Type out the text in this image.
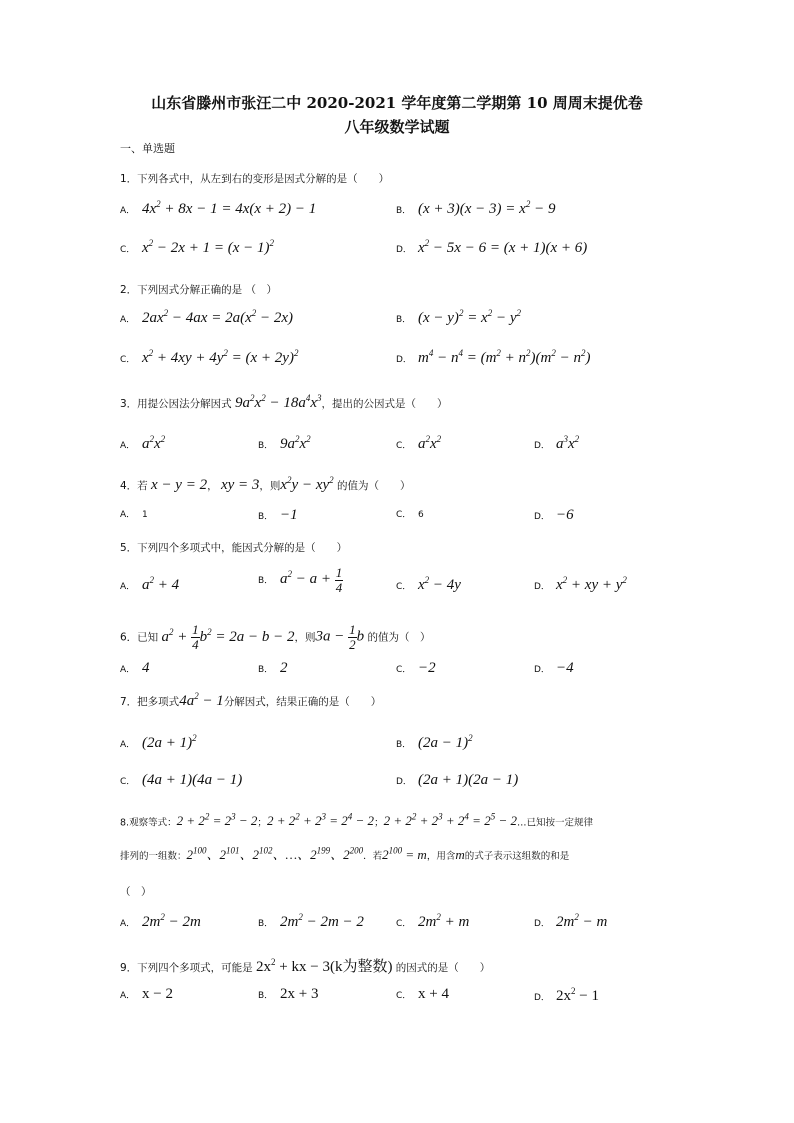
山东省滕州市张汪二中 2020-2021 学年度第二学期第 10 周周末提优卷
八年级数学试题
一、单选题
1．下列各式中，从左到右的变形是因式分解的是（　　）
A． $4x^2 + 8x - 1 = 4x(x + 2) - 1$	B． $(x + 3)(x - 3) = x^2 - 9$
C． $x^2 - 2x + 1 = (x - 1)^2$
D． $x^2 - 5x - 6 = (x + 1)(x + 6)$
2．下列因式分解正确的是 （　）
A． $2ax^2 - 4ax = 2a(x^2 - 2x)$	B． $(x - y)^2 = x^2 - y^2$
C． $x^2 + 4xy + 4y^2 = (x + 2y)^2$
D． $m^4 - n^4 = (m^2 + n^2)(m^2 - n^2)$
3．用提公因法分解因式 $9a^2x^2 - 18a^4x^3$，提出的公因式是（　　）
A． $a^2x^2$
B． $9a^2x^2$
C． $a^2x^2$
D． $a^3x^2$
4．若 x − y = 2， xy = 3，则$x^2y - xy^2$ 的值为（　　）
A． 1	B． −1	C． 6	D． −6
5．下列四个多项式中，能因式分解的是（　　）
A． $a^2 + 4$	B． $a^2 - a + \frac{1}{4}$	C． $x^2 - 4y$	D． $x^2$ + xy + $y^2$
6．已知 $a^2 + \frac{1}{4} b^2 = 2a - b - 2$，则$3a - \frac{1}{2}$ b 的值为（　）
A． 4	B． 2	C． −2	D． −4
7．把多项式$4a^2 - 1$分解因式，结果正确的是（　　）
A． $(2a + 1)^2$
B． $(2a - 1)^2$
C． (4a + 1)(4a − 1)	D． (2a + 1)(2a − 1)
8.观察等式：$2 + 2^2 = 2^3 - 2$；$2 + 2^2 + 2^3 = 2^4 - 2$；$2 + 2^2 + 2^3 + 2^4 = 2^5$ − 2…已知按一定规律
排列的一组数：$2^{100}$、$2^{101}$、$2^{102}$、…、$2^{199}$、$2^{200}$．若$2^{100} = m$，用含m的式子表示这组数的和是
（　）
A． $2m^2 - 2m$	B． $2m^2 - 2m - 2$	C． $2m^2 + m$	D． $2m^2 - m$
9．下列四个多项式，可能是 $2x^2$ + kx − 3(k为整数) 的因式的是（　　）
A． x − 2	B． 2x + 3	C． x + 4	D． $2x^2 - 1$
